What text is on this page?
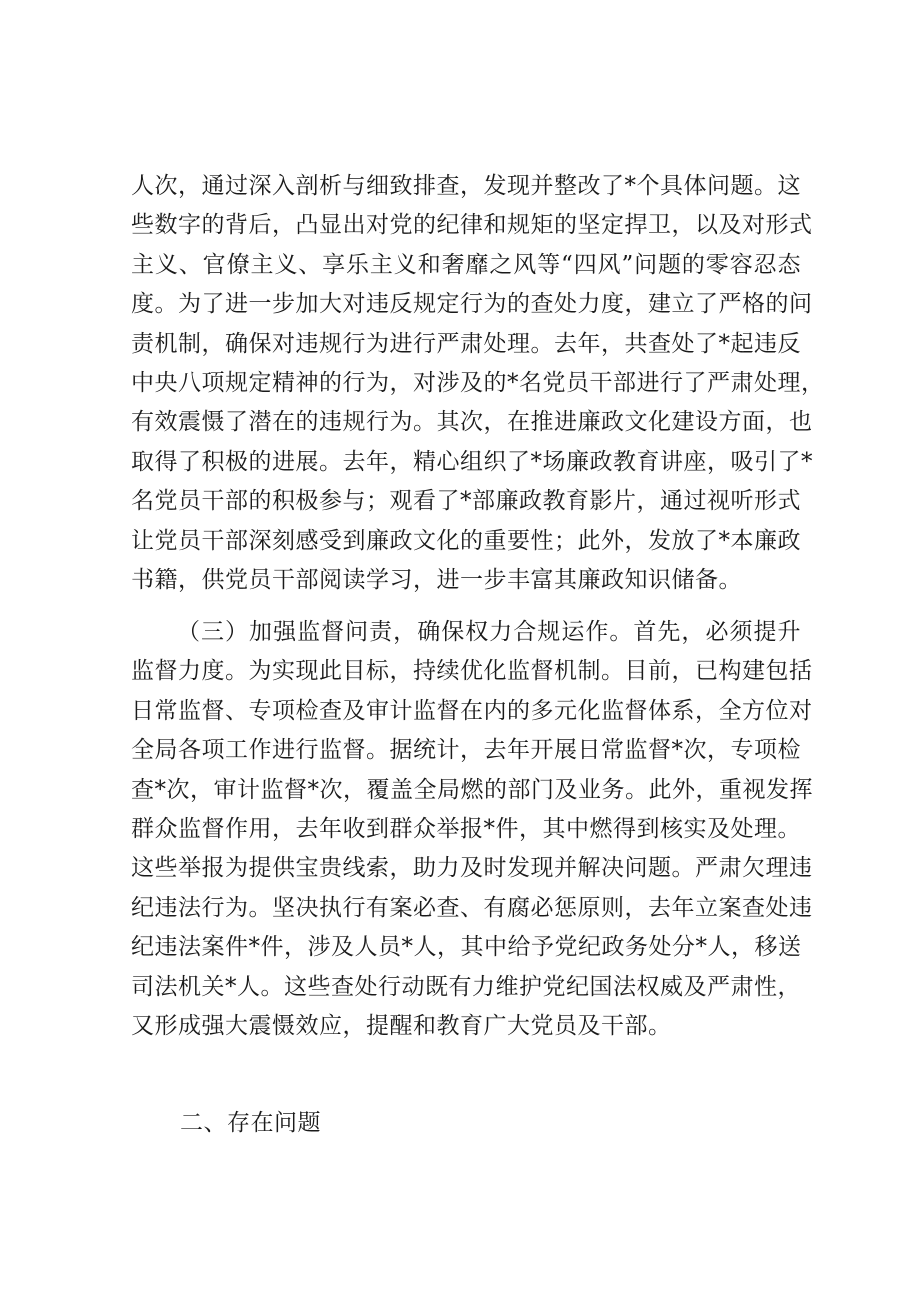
人次，通过深入剖析与细致排查，发现并整改了*个具体问题。这
些数字的背后，凸显出对党的纪律和规矩的坚定捍卫，以及对形式
主义、官僚主义、享乐主义和奢靡之风等“四风”问题的零容忍态
度。为了进一步加大对违反规定行为的查处力度，建立了严格的问
责机制，确保对违规行为进行严肃处理。去年，共查处了*起违反
中央八项规定精神的行为，对涉及的*名党员干部进行了严肃处理，
有效震慑了潜在的违规行为。其次，在推进廉政文化建设方面，也
取得了积极的进展。去年，精心组织了*场廉政教育讲座，吸引了*
名党员干部的积极参与；观看了*部廉政教育影片，通过视听形式
让党员干部深刻感受到廉政文化的重要性；此外，发放了*本廉政
书籍，供党员干部阅读学习，进一步丰富其廉政知识储备。
（三）加强监督问责，确保权力合规运作。首先，必须提升
监督力度。为实现此目标，持续优化监督机制。目前，已构建包括
日常监督、专项检查及审计监督在内的多元化监督体系，全方位对
全局各项工作进行监督。据统计，去年开展日常监督*次，专项检
查*次，审计监督*次，覆盖全局燃的部门及业务。此外，重视发挥
群众监督作用，去年收到群众举报*件，其中燃得到核实及处理。
这些举报为提供宝贵线索，助力及时发现并解决问题。严肃欠理违
纪违法行为。坚决执行有案必查、有腐必惩原则，去年立案查处违
纪违法案件*件，涉及人员*人，其中给予党纪政务处分*人，移送
司法机关*人。这些查处行动既有力维护党纪国法权威及严肃性，
又形成强大震慑效应，提醒和教育广大党员及干部。
二、存在问题
